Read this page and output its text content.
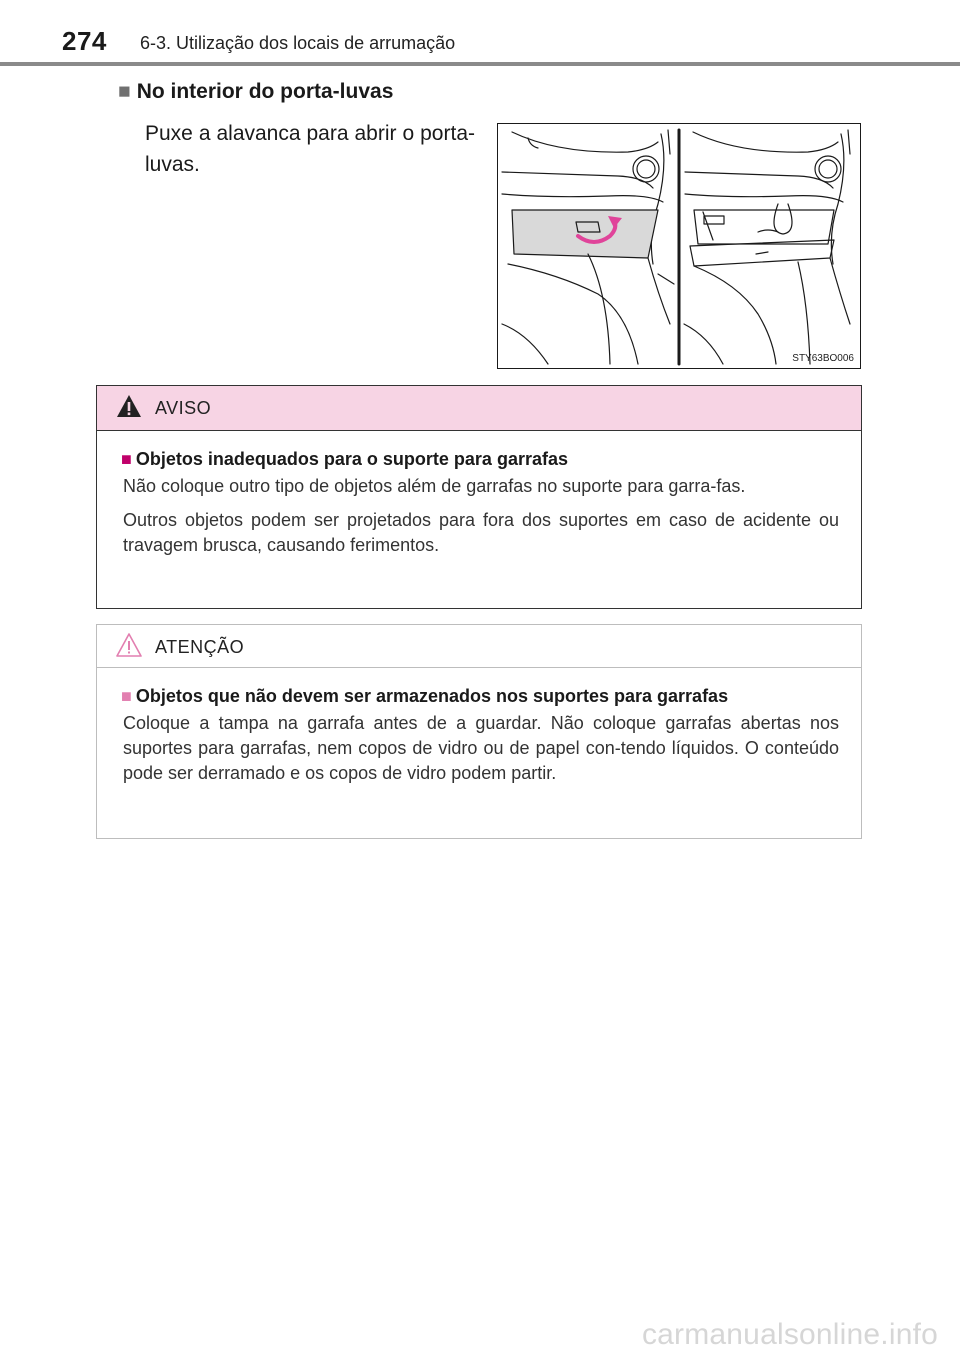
274 6-3. Utilização dos locais de arrumação
■ No interior do porta-luvas
Puxe a alavanca para abrir o porta-luvas.
STY63BO006
AVISO
■ Objetos inadequados para o suporte para garrafas

Não coloque outro tipo de objetos além de garrafas no suporte para garra-fas.

Outros objetos podem ser projetados para fora dos suportes em caso de acidente ou travagem brusca, causando ferimentos.

ATENÇÃO
■ Objetos que não devem ser armazenados nos suportes para garrafas

Coloque a tampa na garrafa antes de a guardar. Não coloque garrafas abertas nos suportes para garrafas, nem copos de vidro ou de papel con-tendo líquidos. O conteúdo pode ser derramado e os copos de vidro podem partir.

carmanualsonline.info
